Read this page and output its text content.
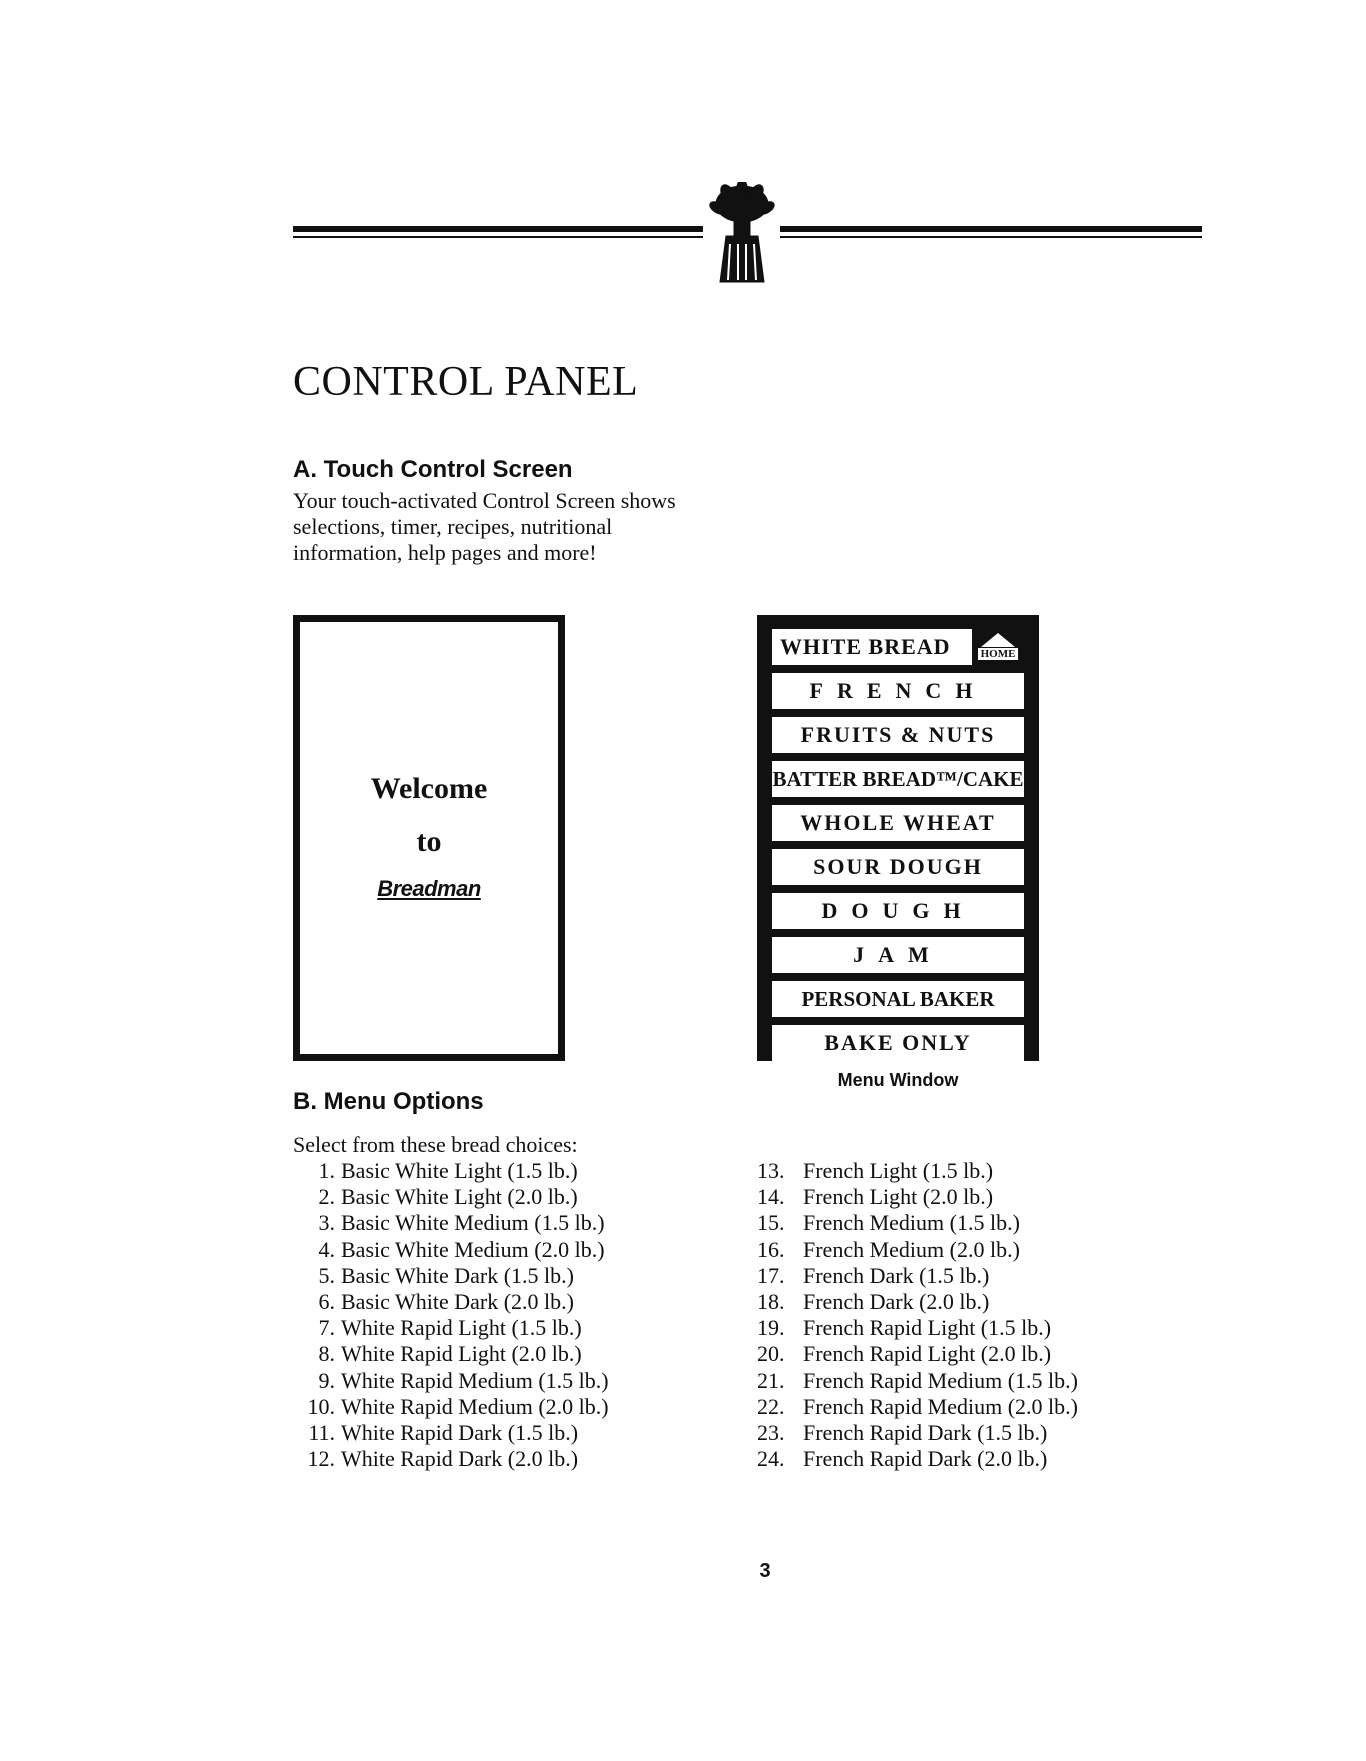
CONTROL PANEL
A. Touch Control Screen

Your touch-activated Control Screen shows selections, timer, recipes, nutritional information, help pages and more!

Welcome
to
Breadman
WHITE BREAD	HOME
FRENCH
FRUITS & NUTS
BATTER BREAD™/CAKE
WHOLE WHEAT
SOUR DOUGH
DOUGH
JAM
PERSONAL BAKER
BAKE ONLY
Menu Window
B. Menu Options
Select from these bread choices:
1. Basic White Light (1.5 lb.)
2. Basic White Light (2.0 lb.)
3. Basic White Medium (1.5 lb.)
4. Basic White Medium (2.0 lb.)
5. Basic White Dark (1.5 lb.)
6. Basic White Dark (2.0 lb.)
7. White Rapid Light (1.5 lb.)
8. White Rapid Light (2.0 lb.)
9. White Rapid Medium (1.5 lb.)
10. White Rapid Medium (2.0 lb.)
11. White Rapid Dark (1.5 lb.)
12. White Rapid Dark (2.0 lb.)
13. French Light (1.5 lb.)
14. French Light (2.0 lb.)
15. French Medium (1.5 lb.)
16. French Medium (2.0 lb.)
17. French Dark (1.5 lb.)
18. French Dark (2.0 lb.)
19. French Rapid Light (1.5 lb.)
20. French Rapid Light (2.0 lb.)
21. French Rapid Medium (1.5 lb.)
22. French Rapid Medium (2.0 lb.)
23. French Rapid Dark (1.5 lb.)
24. French Rapid Dark (2.0 lb.)
3
